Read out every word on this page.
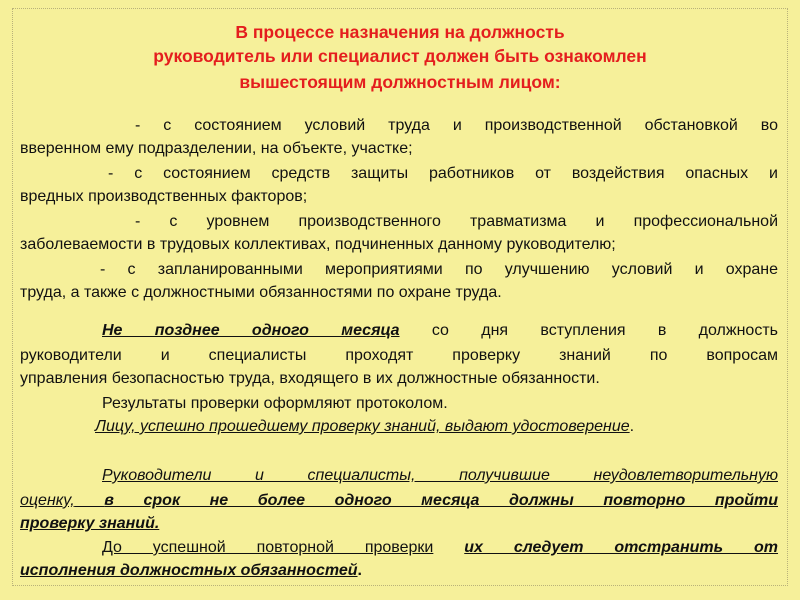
В процессе назначения на должность
руководитель или специалист должен быть ознакомлен
вышестоящим должностным лицом:
- с состоянием условий труда и производственной обстановкой во
вверенном ему подразделении, на объекте, участке;
- с состоянием средств защиты работников от воздействия опасных и
вредных производственных факторов;
- с уровнем производственного травматизма и профессиональной
заболеваемости в трудовых коллективах, подчиненных данному руководителю;
- с запланированными мероприятиями по улучшению условий и охране
труда, а также с должностными обязанностями по охране труда.
Не позднее одного месяца со дня вступления в должность
руководители и специалисты проходят проверку знаний по вопросам
управления безопасностью труда, входящего в их должностные обязанности.
Результаты проверки оформляют протоколом.
Лицу, успешно прошедшему проверку знаний, выдают удостоверение.
Руководители и специалисты, получившие неудовлетворительную
оценку, в срок не более одного месяца должны повторно пройти
проверку знаний.
До успешной повторной проверки их следует отстранить от
исполнения должностных обязанностей.
